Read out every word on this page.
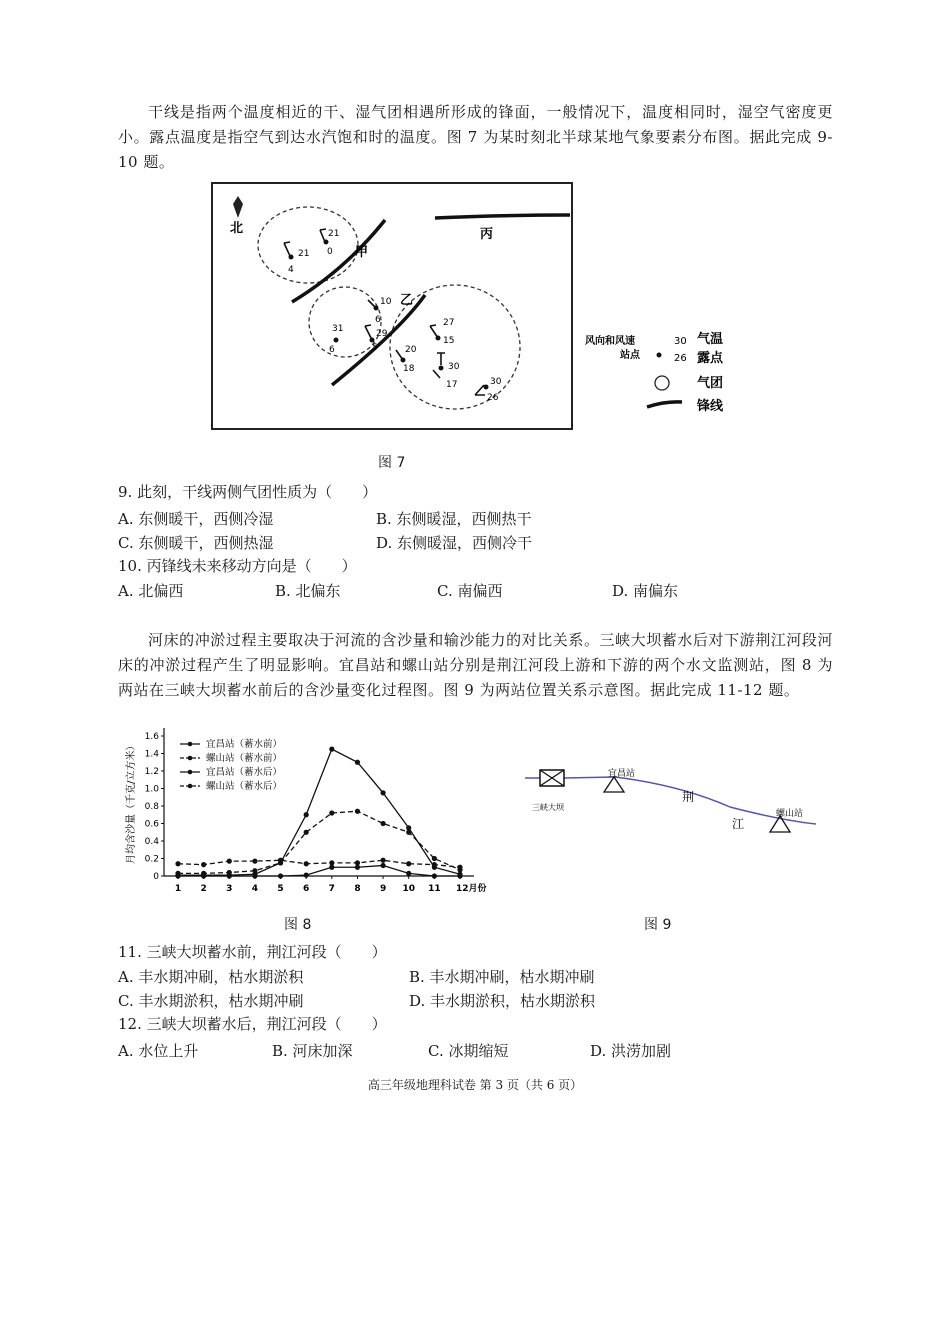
干线是指两个温度相近的干、湿气团相遇所形成的锋面，一般情况下，温度相同时，湿空气密度更小。露点温度是指空气到达水汽饱和时的温度。图 7 为某时刻北半球某地气象要素分布图。据此完成 9-10 题。

北
甲
乙
丙
21
4
21
0
10
6
31
6
29
5
27
15
20
18	30
17	30
26
风向和风速
站点
30
26
气温
露点
气团
锋线
图 7
9. 此刻，干线两侧气团性质为（　　）
A. 东侧暖干，西侧冷湿	B. 东侧暖湿，西侧热干
C. 东侧暖干，西侧热湿	D. 东侧暖湿，西侧冷干
10. 丙锋线未来移动方向是（　　）
A. 北偏西	B. 北偏东	C. 南偏西	D. 南偏东

河床的冲淤过程主要取决于河流的含沙量和输沙能力的对比关系。三峡大坝蓄水后对下游荆江河段河床的冲淤过程产生了明显影响。宜昌站和螺山站分别是荆江河段上游和下游的两个水文监测站，图 8 为两站在三峡大坝蓄水前后的含沙量变化过程图。图 9 为两站位置关系示意图。据此完成 11-12 题。

0
0.2
0.4
0.6
0.8
1.0
1.2
1.4
1.6
1 2 3 4 5 6 7 8 9 10 11 12月份
宜昌站（蓄水前）
螺山站（蓄水前）
宜昌站（蓄水后）
螺山站（蓄水后）
月均含沙量（千克/立方米）
图 8
三峡大坝
宜昌站
荆
江
螺山站
图 9
11. 三峡大坝蓄水前，荆江河段（　　）
A. 丰水期冲刷，枯水期淤积	B. 丰水期冲刷，枯水期冲刷
C. 丰水期淤积，枯水期冲刷	D. 丰水期淤积，枯水期淤积
12. 三峡大坝蓄水后，荆江河段（　　）
A. 水位上升	B. 河床加深	C. 冰期缩短	D. 洪涝加剧
高三年级地理科试卷 第 3 页（共 6 页）
